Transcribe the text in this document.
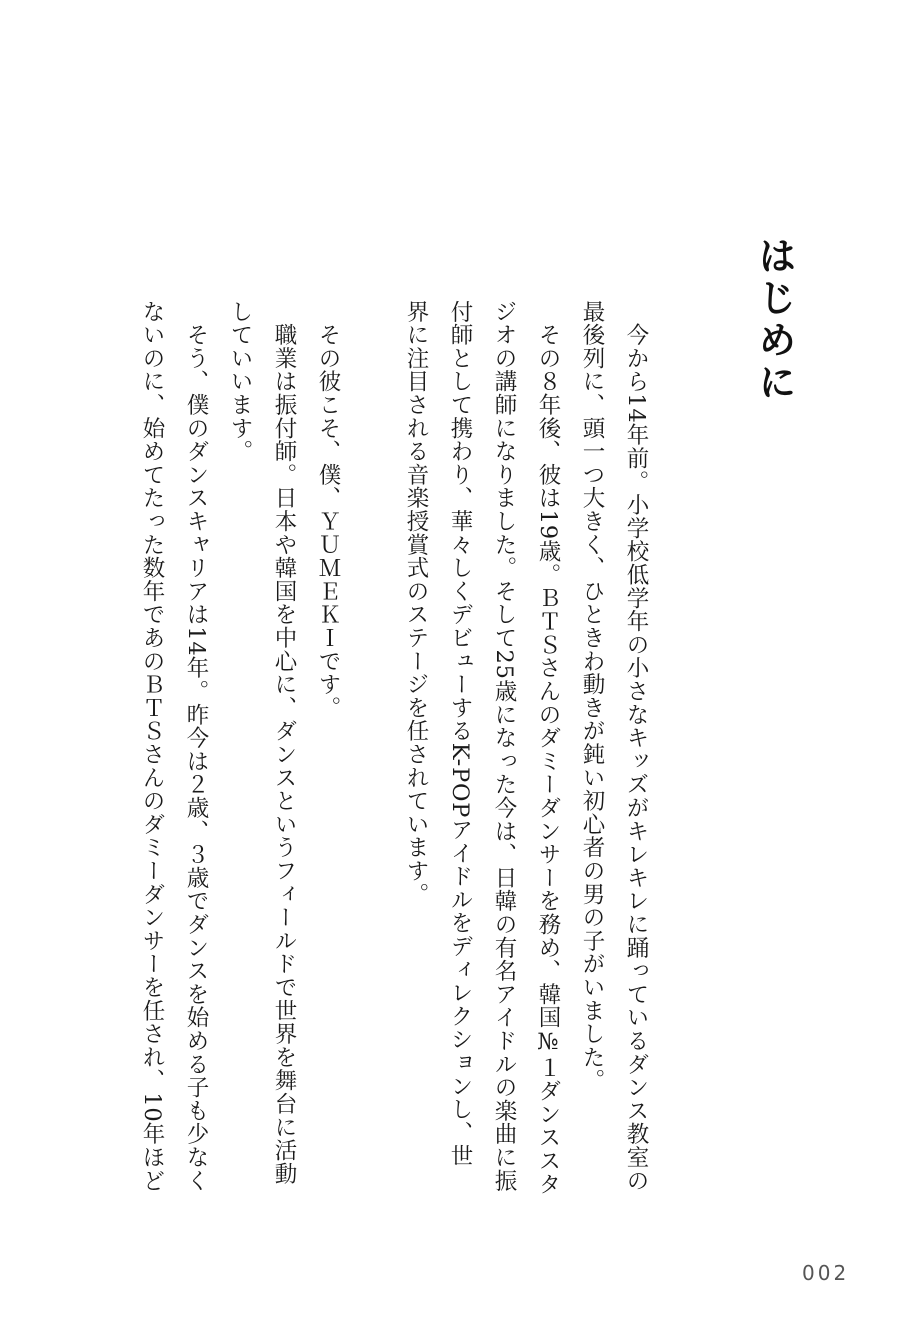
はじめに
　今から14年前。小学校低学年の小さなキッズがキレキレに踊っているダンス教室の
最後列に、頭一つ大きく、ひときわ動きが鈍い初心者の男の子がいました。
　その８年後、彼は19歳。ＢＴＳさんのダミーダンサーを務め、韓国№１ダンススタ
ジオの講師になりました。そして25歳になった今は、日韓の有名アイドルの楽曲に振
付師として携わり、華々しくデビューするK-POPアイドルをディレクションし、世
界に注目される音楽授賞式のステージを任されています。
　その彼こそ、僕、ＹＵＭＥＫＩです。
　職業は振付師。日本や韓国を中心に、ダンスというフィールドで世界を舞台に活動
していいます。
　そう、僕のダンスキャリアは14年。昨今は２歳、３歳でダンスを始める子も少なく
ないのに、始めてたった数年であのＢＴＳさんのダミーダンサーを任され、10年ほど
002
